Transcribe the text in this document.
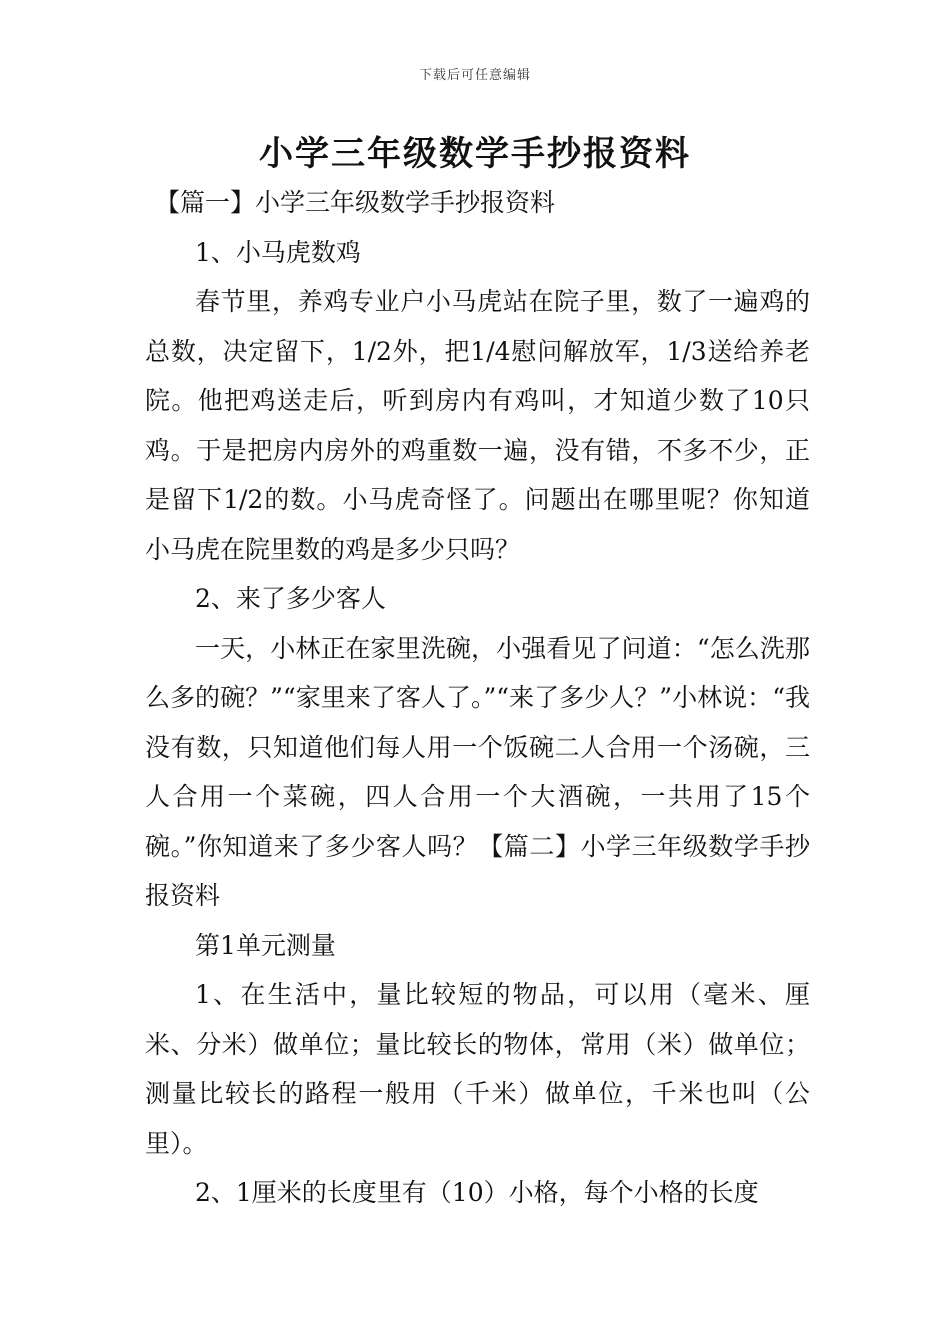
下载后可任意编辑
小学三年级数学手抄报资料

【篇一】小学三年级数学手抄报资料

1、小马虎数鸡

春节里，养鸡专业户小马虎站在院子里，数了一遍鸡的总数，决定留下，1/2外，把1/4慰问解放军，1/3送给养老院。他把鸡送走后，听到房内有鸡叫，才知道少数了10只鸡。于是把房内房外的鸡重数一遍，没有错，不多不少，正是留下1/2的数。小马虎奇怪了。问题出在哪里呢？你知道小马虎在院里数的鸡是多少只吗？

2、来了多少客人

一天，小林正在家里洗碗，小强看见了问道：“怎么洗那么多的碗？”“家里来了客人了。”“来了多少人？”小林说：“我没有数，只知道他们每人用一个饭碗二人合用一个汤碗，三人合用一个菜碗，四人合用一个大酒碗，一共用了15个碗。”你知道来了多少客人吗？【篇二】小学三年级数学手抄报资料

第1单元测量

1、在生活中，量比较短的物品，可以用（毫米、厘米、分米）做单位；量比较长的物体，常用（米）做单位；测量比较长的路程一般用（千米）做单位，千米也叫（公里）。

2、1厘米的长度里有（10）小格，每个小格的长度
